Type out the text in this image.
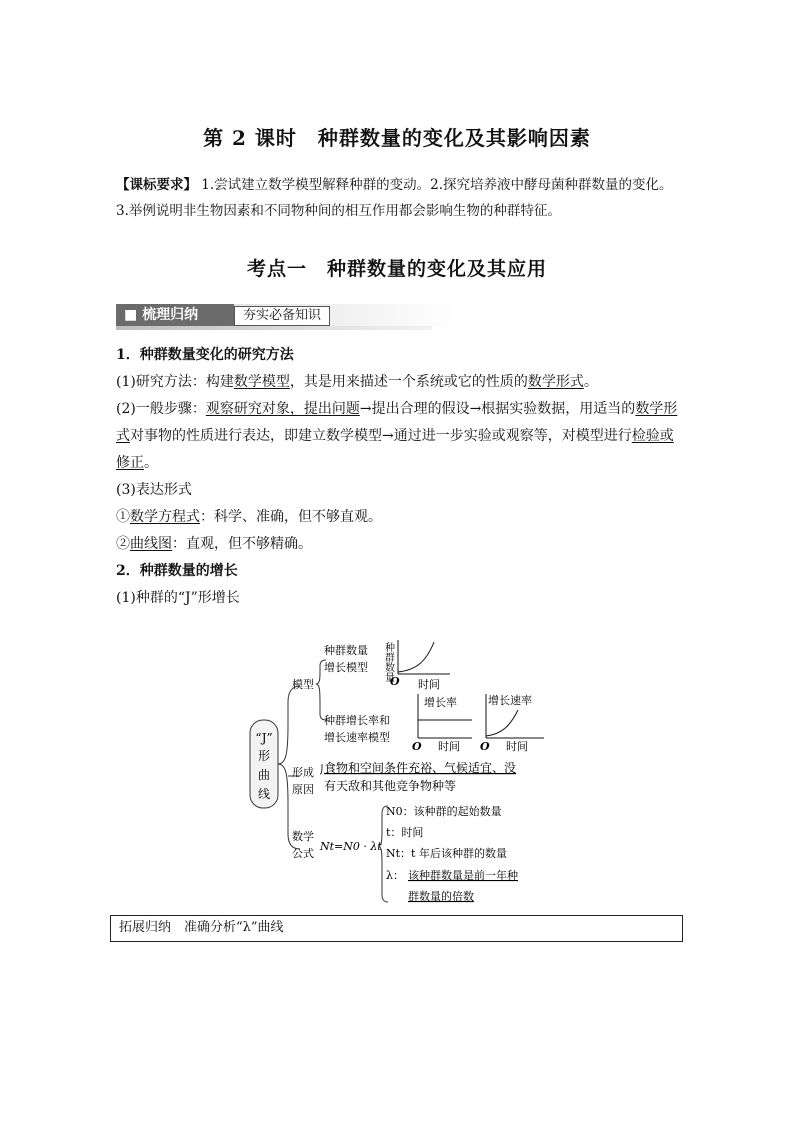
第 2 课时　种群数量的变化及其影响因素
【课标要求】 1.尝试建立数学模型解释种群的变动。2.探究培养液中酵母菌种群数量的变化。
3.举例说明非生物因素和不同物种间的相互作用都会影响生物的种群特征。
考点一　种群数量的变化及其应用
■ 梳理归纳	夯实必备知识

1．种群数量变化的研究方法

(1)研究方法：构建数学模型，其是用来描述一个系统或它的性质的数学形式。

(2)一般步骤：观察研究对象，提出问题→提出合理的假设→根据实验数据，用适当的数学形
式对事物的性质进行表达，即建立数学模型→通过进一步实验或观察等，对模型进行检验或
修正。

(3)表达形式

①数学方程式：科学、准确，但不够直观。

②曲线图：直观，但不够精确。

2．种群数量的增长

(1)种群的“J”形增长

“J”
形
曲
线
模型
种群数量
增长模型
种群增长率和
增长速率模型
种群数量
O 时间
增长率
O 时间
增长速率
O 时间
形成
原因
食物和空间条件充裕、气候适宜、没
有天敌和其他竞争物种等
数学
公式
Nt=N0 · λt
N0：该种群的起始数量
t：时间
Nt：t 年后该种群的数量
λ： 该种群数量是前一年种
群数量的倍数
拓展归纳　准确分析“λ”曲线
